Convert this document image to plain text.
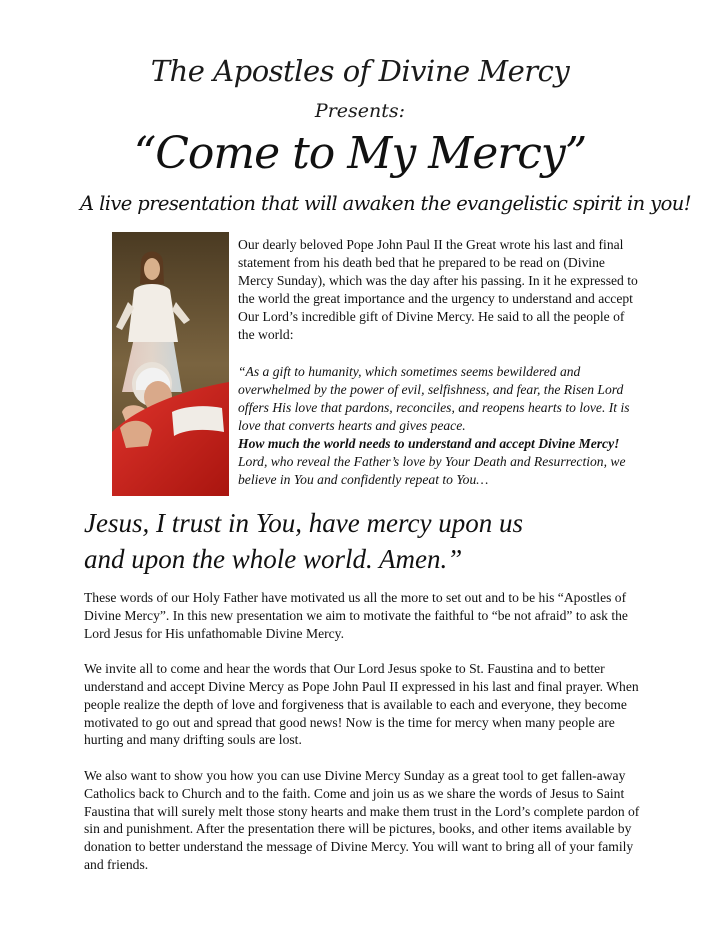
The Apostles of Divine Mercy
Presents:
“Come to My Mercy”
A live presentation that will awaken the evangelistic spirit in you!

Our dearly beloved Pope John Paul II the Great wrote his last and final statement from his death bed that he prepared to be read on (Divine Mercy Sunday), which was the day after his passing. In it he expressed to the world the great importance and the urgency to understand and accept Our Lord’s incredible gift of Divine Mercy. He said to all the people of the world:

“As a gift to humanity, which sometimes seems bewildered and overwhelmed by the power of evil, selfishness, and fear, the Risen Lord offers His love that pardons, reconciles, and reopens hearts to love. It is love that converts hearts and gives peace.

How much the world needs to understand and accept Divine Mercy!

Lord, who reveal the Father’s love by Your Death and Resurrection, we believe in You and confidently repeat to You…

Jesus, I trust in You, have mercy upon us

and upon the whole world. Amen.”

These words of our Holy Father have motivated us all the more to set out and to be his “Apostles of Divine Mercy”. In this new presentation we aim to motivate the faithful to “be not afraid” to ask the Lord Jesus for His unfathomable Divine Mercy.

We invite all to come and hear the words that Our Lord Jesus spoke to St. Faustina and to better understand and accept Divine Mercy as Pope John Paul II expressed in his last and final prayer. When people realize the depth of love and forgiveness that is available to each and everyone, they become motivated to go out and spread that good news! Now is the time for mercy when many people are hurting and many drifting souls are lost.

We also want to show you how you can use Divine Mercy Sunday as a great tool to get fallen-away Catholics back to Church and to the faith. Come and join us as we share the words of Jesus to Saint Faustina that will surely melt those stony hearts and make them trust in the Lord’s complete pardon of sin and punishment. After the presentation there will be pictures, books, and other items available by donation to better understand the message of Divine Mercy. You will want to bring all of your family and friends.
